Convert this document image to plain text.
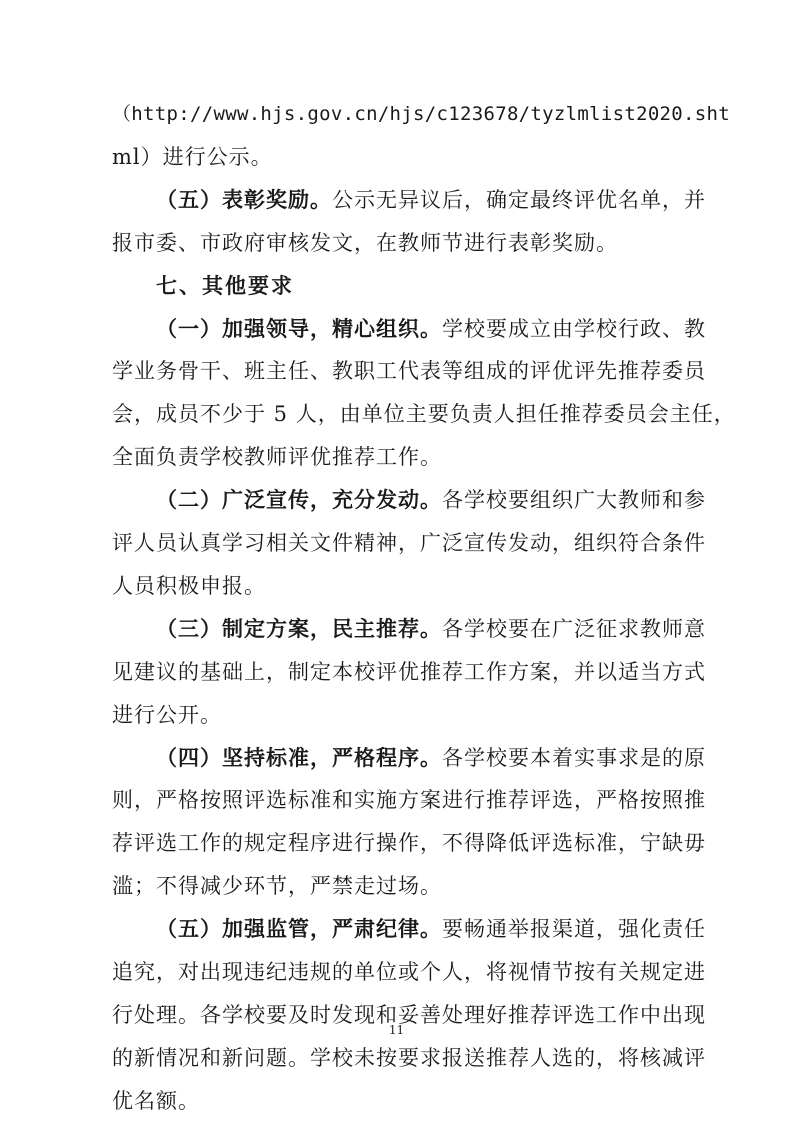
（http://www.hjs.gov.cn/hjs/c123678/tyzlmlist2020.sht
ml）进行公示。
（五）表彰奖励。公示无异议后，确定最终评优名单，并
报市委、市政府审核发文，在教师节进行表彰奖励。
七、其他要求
（一）加强领导，精心组织。学校要成立由学校行政、教
学业务骨干、班主任、教职工代表等组成的评优评先推荐委员
会，成员不少于 5 人，由单位主要负责人担任推荐委员会主任，
全面负责学校教师评优推荐工作。
（二）广泛宣传，充分发动。各学校要组织广大教师和参
评人员认真学习相关文件精神，广泛宣传发动，组织符合条件
人员积极申报。
（三）制定方案，民主推荐。各学校要在广泛征求教师意
见建议的基础上，制定本校评优推荐工作方案，并以适当方式
进行公开。
（四）坚持标准，严格程序。各学校要本着实事求是的原
则，严格按照评选标准和实施方案进行推荐评选，严格按照推
荐评选工作的规定程序进行操作，不得降低评选标准，宁缺毋
滥；不得减少环节，严禁走过场。
（五）加强监管，严肃纪律。要畅通举报渠道，强化责任
追究，对出现违纪违规的单位或个人，将视情节按有关规定进
行处理。各学校要及时发现和妥善处理好推荐评选工作中出现
的新情况和新问题。学校未按要求报送推荐人选的，将核减评
优名额。
11
